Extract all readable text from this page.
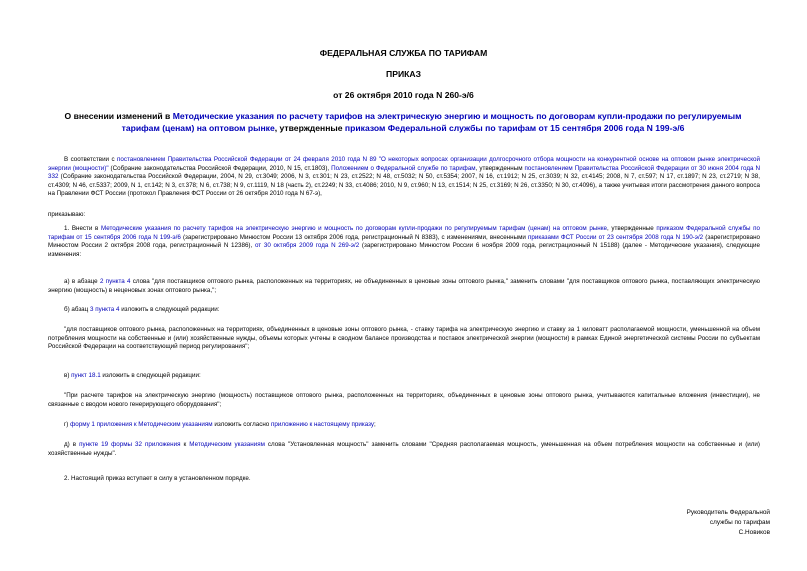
ФЕДЕРАЛЬНАЯ СЛУЖБА ПО ТАРИФАМ
ПРИКАЗ
от 26 октября 2010 года N 260-э/6
О внесении изменений в Методические указания по расчету тарифов на электрическую энергию и мощность по договорам купли-продажи по регулируемым тарифам (ценам) на оптовом рынке, утвержденные приказом Федеральной службы по тарифам от 15 сентября 2006 года N 199-э/6
В соответствии с постановлением Правительства Российской Федерации от 24 февраля 2010 года N 89 "О некоторых вопросах организации долгосрочного отбора мощности на конкурентной основе на оптовом рынке электрической энергии (мощности)" (Собрание законодательства Российской Федерации, 2010, N 15, ст.1803), Положением о Федеральной службе по тарифам, утвержденным постановлением Правительства Российской Федерации от 30 июня 2004 года N 332 (Собрание законодательства Российской Федерации, 2004, N 29, ст.3049; 2006, N 3, ст.301; N 23, ст.2522; N 48, ст.5032; N 50, ст.5354; 2007, N 16, ст.1912; N 25, ст.3039; N 32, ст.4145; 2008, N 7, ст.597; N 17, ст.1897; N 23, ст.2719; N 38, ст.4309; N 46, ст.5337; 2009, N 1, ст.142; N 3, ст.378; N 6, ст.738; N 9, ст.1119, N 18 (часть 2), ст.2249; N 33, ст.4086; 2010, N 9, ст.960; N 13, ст.1514; N 25, ст.3169; N 26, ст.3350; N 30, ст.4096), а также учитывая итоги рассмотрения данного вопроса на Правлении ФСТ России (протокол Правления ФСТ России от 26 октября 2010 года N 67-э),
приказываю:
1. Внести в Методические указания по расчету тарифов на электрическую энергию и мощность по договорам купли-продажи по регулируемым тарифам (ценам) на оптовом рынке, утвержденные приказом Федеральной службы по тарифам от 15 сентября 2006 года N 199-э/6 (зарегистрировано Минюстом России 13 октября 2006 года, регистрационный N 8383), с изменениями, внесенными приказами ФСТ России от 23 сентября 2008 года N 190-э/2 (зарегистрировано Минюстом России 2 октября 2008 года, регистрационный N 12386), от 30 октября 2009 года N 269-э/2 (зарегистрировано Минюстом России 6 ноября 2009 года, регистрационный N 15188) (далее - Методические указания), следующие изменения:
а) в абзаце 2 пункта 4 слова "для поставщиков оптового рынка, расположенных на территориях, не объединенных в ценовые зоны оптового рынка," заменить словами "для поставщиков оптового рынка, поставляющих электрическую энергию (мощность) в неценовых зонах оптового рынка,";
б) абзац 3 пункта 4 изложить в следующей редакции:
"для поставщиков оптового рынка, расположенных на территориях, объединенных в ценовые зоны оптового рынка, - ставку тарифа на электрическую энергию и ставку за 1 киловатт располагаемой мощности, уменьшенной на объем потребления мощности на собственные и (или) хозяйственные нужды, объемы которых учтены в сводном балансе производства и поставок электрической энергии (мощности) в рамках Единой энергетической системы России по субъектам Российской Федерации на соответствующий период регулирования";
в) пункт 18.1 изложить в следующей редакции:
"При расчете тарифов на электрическую энергию (мощность) поставщиков оптового рынка, расположенных на территориях, объединенных в ценовые зоны оптового рынка, учитываются капитальные вложения (инвестиции), не связанные с вводом нового генерирующего оборудования";
г) форму 1 приложения к Методическим указаниям изложить согласно приложению к настоящему приказу;
д) в пункте 19 формы 32 приложения к Методическим указаниям слова "Установленная мощность" заменить словами "Средняя располагаемая мощность, уменьшенная на объем потребления мощности на собственные и (или) хозяйственные нужды".
2. Настоящий приказ вступает в силу в установленном порядке.
Руководитель Федеральной
службы по тарифам
С.Новиков
